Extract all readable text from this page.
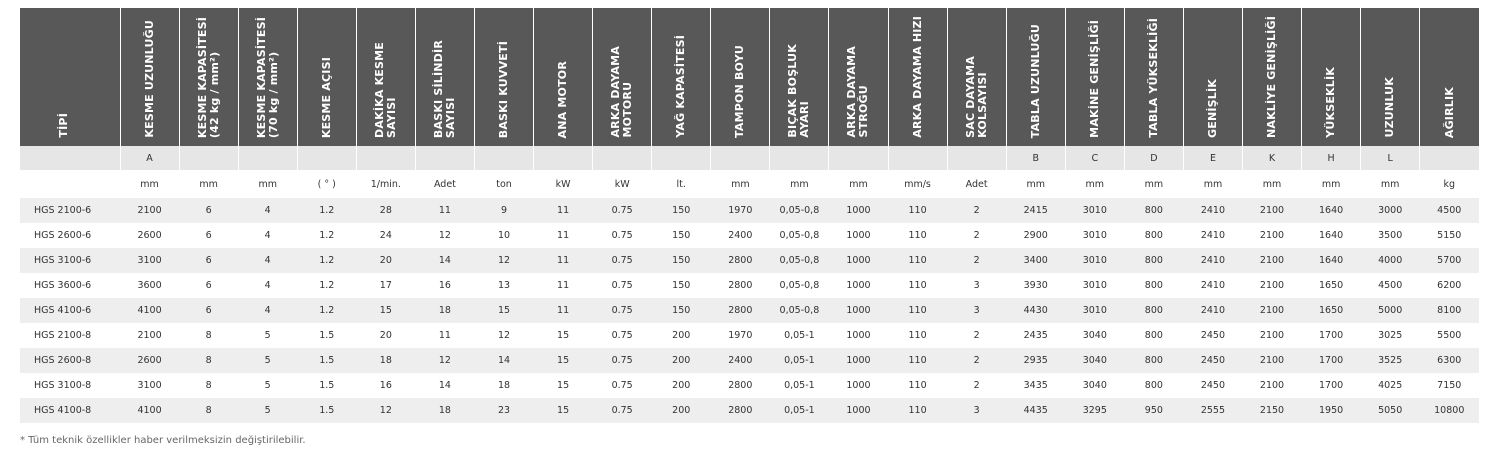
TİPİ	KESME UZUNLUĞU	KESME KAPASİTESİ
(42 kg / mm²)	KESME KAPASİTESİ
(70 kg / mm²)	KESME AÇISI	DAKİKA KESME
SAYISI	BASKI SİLİNDİR
SAYISI	BASKI KUVVETİ	ANA MOTOR	ARKA DAYAMA
MOTORU	YAĞ KAPASİTESİ	TAMPON BOYU	BIÇAK BOŞLUK
AYARI	ARKA DAYAMA
STROĞU	ARKA DAYAMA HIZI	SAC DAYAMA
KOLSAYISI	TABLA UZUNLUĞU	MAKİNE GENİŞLİĞİ	TABLA YÜKSEKLİĞİ	GENİŞLİK	NAKLİYE GENİŞLİĞİ	YÜKSEKLİK	UZUNLUK	AĞIRLIK

	A															B	C	D	E	K	H	L	
	mm	mm	mm	( ° )	1/min.	Adet	ton	kW	kW	lt.	mm	mm	mm	mm/s	Adet	mm	mm	mm	mm	mm	mm	mm	kg
HGS 2100-6	2100	6	4	1.2	28	11	9	11	0.75	150	1970	0,05-0,8	1000	110	2	2415	3010	800	2410	2100	1640	3000	4500
HGS 2600-6	2600	6	4	1.2	24	12	10	11	0.75	150	2400	0,05-0,8	1000	110	2	2900	3010	800	2410	2100	1640	3500	5150
HGS 3100-6	3100	6	4	1.2	20	14	12	11	0.75	150	2800	0,05-0,8	1000	110	2	3400	3010	800	2410	2100	1640	4000	5700
HGS 3600-6	3600	6	4	1.2	17	16	13	11	0.75	150	2800	0,05-0,8	1000	110	3	3930	3010	800	2410	2100	1650	4500	6200
HGS 4100-6	4100	6	4	1.2	15	18	15	11	0.75	150	2800	0,05-0,8	1000	110	3	4430	3010	800	2410	2100	1650	5000	8100
HGS 2100-8	2100	8	5	1.5	20	11	12	15	0.75	200	1970	0,05-1	1000	110	2	2435	3040	800	2450	2100	1700	3025	5500
HGS 2600-8	2600	8	5	1.5	18	12	14	15	0.75	200	2400	0,05-1	1000	110	2	2935	3040	800	2450	2100	1700	3525	6300
HGS 3100-8	3100	8	5	1.5	16	14	18	15	0.75	200	2800	0,05-1	1000	110	2	3435	3040	800	2450	2100	1700	4025	7150
HGS 4100-8	4100	8	5	1.5	12	18	23	15	0.75	200	2800	0,05-1	1000	110	3	4435	3295	950	2555	2150	1950	5050	10800
* Tüm teknik özellikler haber verilmeksizin değiştirilebilir.
